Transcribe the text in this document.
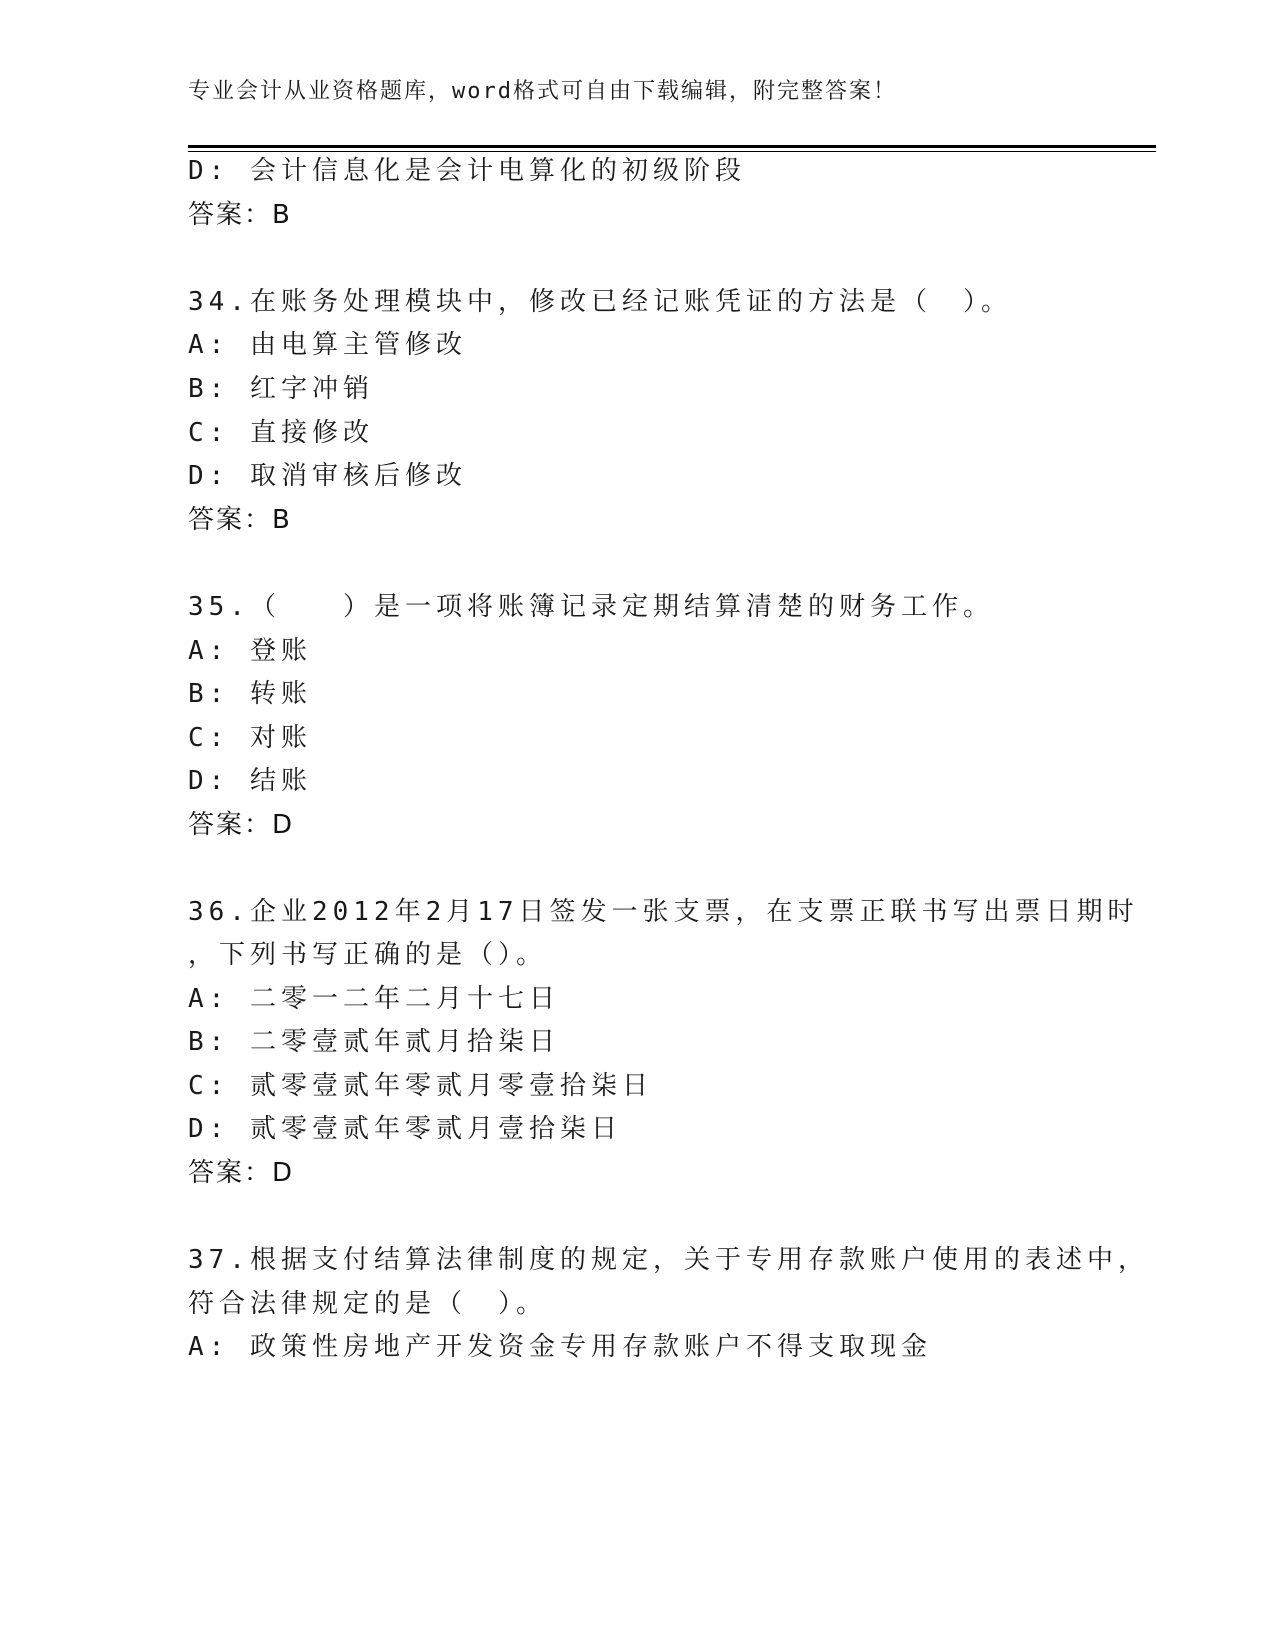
专业会计从业资格题库，word格式可自由下载编辑，附完整答案！
D: 会计信息化是会计电算化的初级阶段
答案：B
34.在账务处理模块中，修改已经记账凭证的方法是（　）。
A: 由电算主管修改
B: 红字冲销
C: 直接修改
D: 取消审核后修改
答案：B
35.（　　）是一项将账簿记录定期结算清楚的财务工作。
A: 登账
B: 转账
C: 对账
D: 结账
答案：D
36.企业2012年2月17日签发一张支票，在支票正联书写出票日期时
，下列书写正确的是（）。
A: 二零一二年二月十七日
B: 二零壹贰年贰月拾柒日
C: 贰零壹贰年零贰月零壹拾柒日
D: 贰零壹贰年零贰月壹拾柒日
答案：D
37.根据支付结算法律制度的规定，关于专用存款账户使用的表述中，
符合法律规定的是（　）。
A: 政策性房地产开发资金专用存款账户不得支取现金
